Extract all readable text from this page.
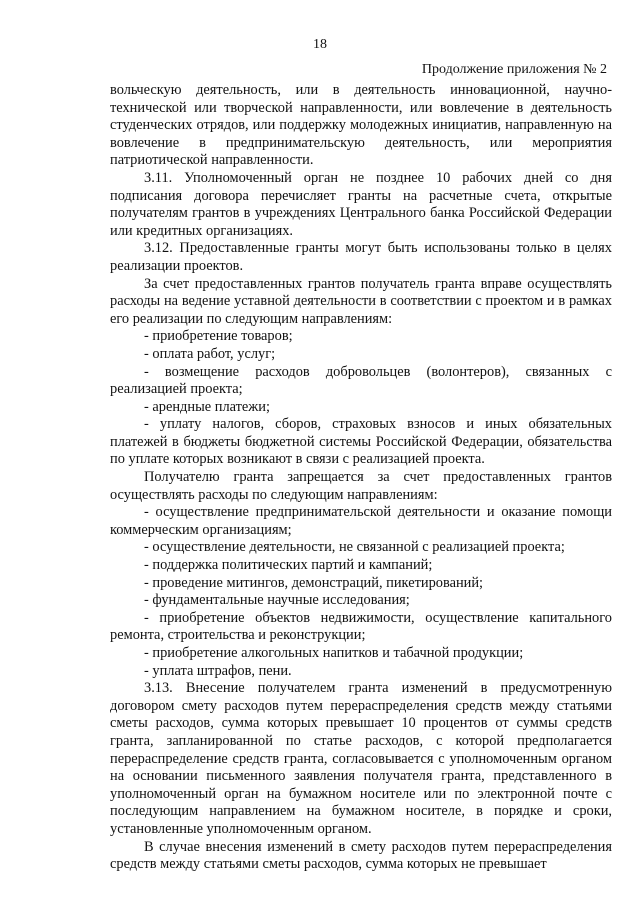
18
Продолжение приложения № 2

вольческую деятельность, или в деятельность инновационной, научно-технической или творческой направленности, или вовлечение в деятельность студенческих отрядов, или поддержку молодежных инициатив, направленную на вовлечение в предпринимательскую деятельность, или мероприятия патриотической направленности.

3.11. Уполномоченный орган не позднее 10 рабочих дней со дня подписания договора перечисляет гранты на расчетные счета, открытые получателям грантов в учреждениях Центрального банка Российской Федерации или кредитных организациях.

3.12. Предоставленные гранты могут быть использованы только в целях реализации проектов.

За счет предоставленных грантов получатель гранта вправе осуществлять расходы на ведение уставной деятельности в соответствии с проектом и в рамках его реализации по следующим направлениям:

- приобретение товаров;

- оплата работ, услуг;

- возмещение расходов добровольцев (волонтеров), связанных с реализацией проекта;

- арендные платежи;

- уплату налогов, сборов, страховых взносов и иных обязательных платежей в бюджеты бюджетной системы Российской Федерации, обязательства по уплате которых возникают в связи с реализацией проекта.

Получателю гранта запрещается за счет предоставленных грантов осуществлять расходы по следующим направлениям:

- осуществление предпринимательской деятельности и оказание помощи коммерческим организациям;

- осуществление деятельности, не связанной с реализацией проекта;

- поддержка политических партий и кампаний;

- проведение митингов, демонстраций, пикетирований;

- фундаментальные научные исследования;

- приобретение объектов недвижимости, осуществление капитального ремонта, строительства и реконструкции;

- приобретение алкогольных напитков и табачной продукции;

- уплата штрафов, пени.

3.13. Внесение получателем гранта изменений в предусмотренную договором смету расходов путем перераспределения средств между статьями сметы расходов, сумма которых превышает 10 процентов от суммы средств гранта, запланированной по статье расходов, с которой предполагается перераспределение средств гранта, согласовывается с уполномоченным органом на основании письменного заявления получателя гранта, представленного в уполномоченный орган на бумажном носителе или по электронной почте с последующим направлением на бумажном носителе, в порядке и сроки, установленные уполномоченным органом.

В случае внесения изменений в смету расходов путем перераспределения средств между статьями сметы расходов, сумма которых не превышает
